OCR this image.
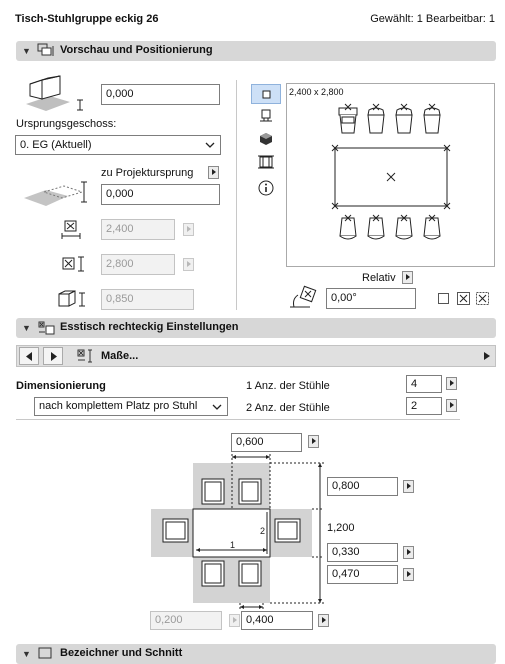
Tisch-Stuhlgruppe eckig 26	Gewählt: 1 Bearbeitbar: 1
▼	Vorschau und Positionierung
0,000
Ursprungsgeschoss:
0. EG (Aktuell)
zu Projektursprung
0,000
2,400
2,800
0,850
2,400 x 2,800
Relativ
0,00°
▼	Esstisch rechteckig Einstellungen
Maße...
Dimensionierung
nach komplettem Platz pro Stuhl
1 Anz. der Stühle	4
2 Anz. der Stühle	2
1
2
0,600
0,800
1,200
0,330
0,470
0,200	0,400
▼	Bezeichner und Schnitt
